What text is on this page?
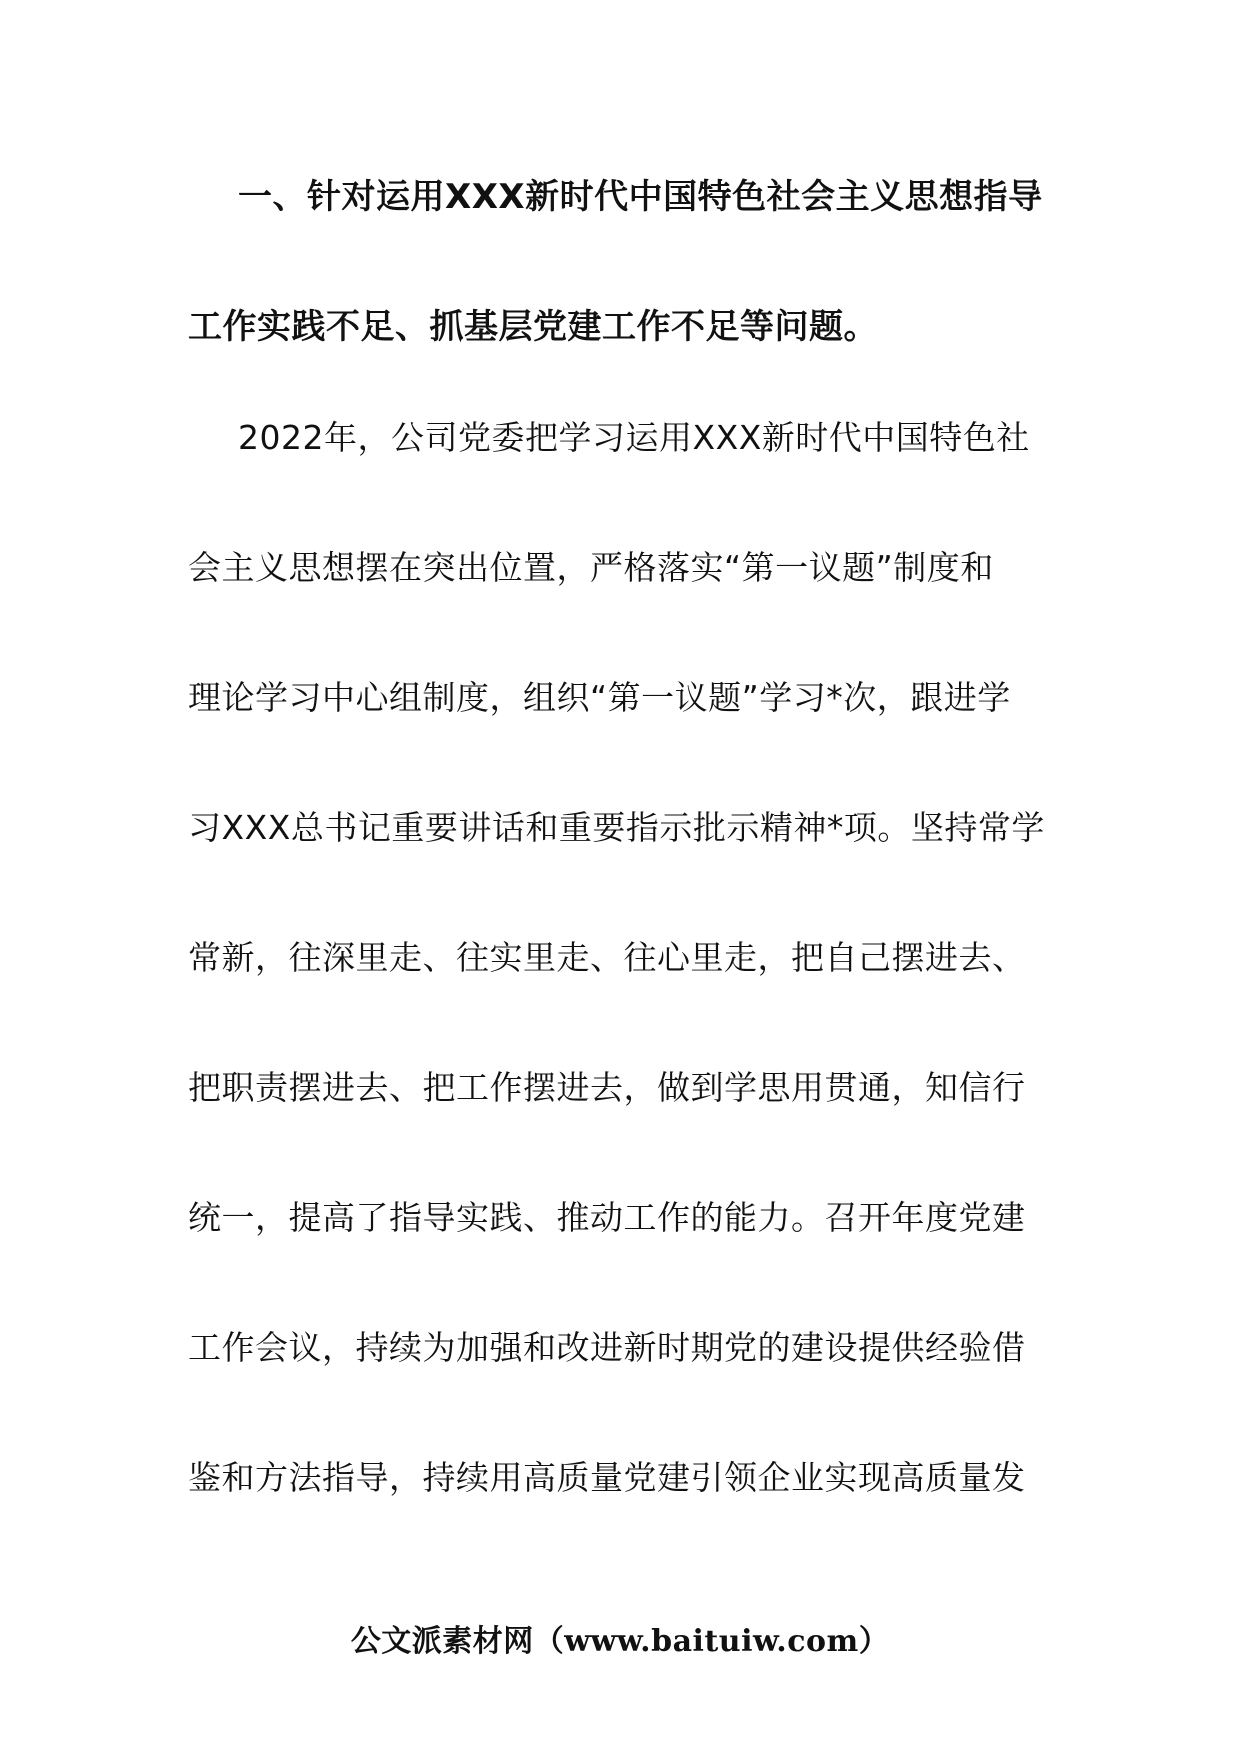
一、针对运用XXX新时代中国特色社会主义思想指导
工作实践不足、抓基层党建工作不足等问题。
2022年，公司党委把学习运用XXX新时代中国特色社
会主义思想摆在突出位置，严格落实“第一议题”制度和
理论学习中心组制度，组织“第一议题”学习*次，跟进学
习XXX总书记重要讲话和重要指示批示精神*项。坚持常学
常新，往深里走、往实里走、往心里走，把自己摆进去、
把职责摆进去、把工作摆进去，做到学思用贯通，知信行
统一，提高了指导实践、推动工作的能力。召开年度党建
工作会议，持续为加强和改进新时期党的建设提供经验借
鉴和方法指导，持续用高质量党建引领企业实现高质量发
公文派素材网（www.baituiw.com）
